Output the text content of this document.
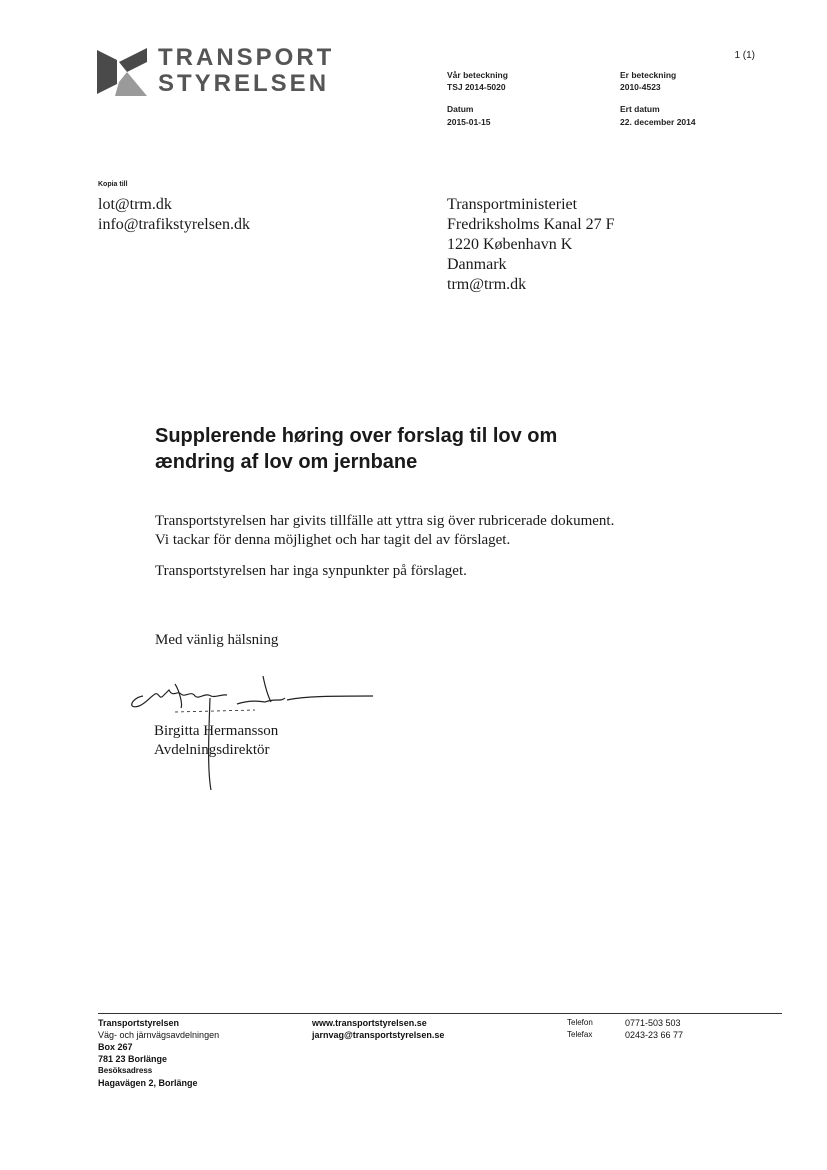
TRANSPORT
STYRELSEN
1 (1)
Vår beteckning
TSJ 2014-5020
Er beteckning
2010-4523
Datum
2015-01-15
Ert datum
22. december 2014
Kopia till
lot@trm.dk
info@trafikstyrelsen.dk
Transportministeriet
Fredriksholms Kanal 27 F
1220 København K
Danmark
trm@trm.dk
Supplerende høring over forslag til lov om
ændring af lov om jernbane
Transportstyrelsen har givits tillfälle att yttra sig över rubricerade dokument.
Vi tackar för denna möjlighet och har tagit del av förslaget.
Transportstyrelsen har inga synpunkter på förslaget.
Med vänlig hälsning
Birgitta Hermansson
Avdelningsdirektör
Transportstyrelsen
Väg- och järnvägsavdelningen
Box 267
781 23 Borlänge
Besöksadress
Hagavägen 2, Borlänge
www.transportstyrelsen.se
jarnvag@transportstyrelsen.se
Telefon
Telefax
0771-503 503
0243-23 66 77
